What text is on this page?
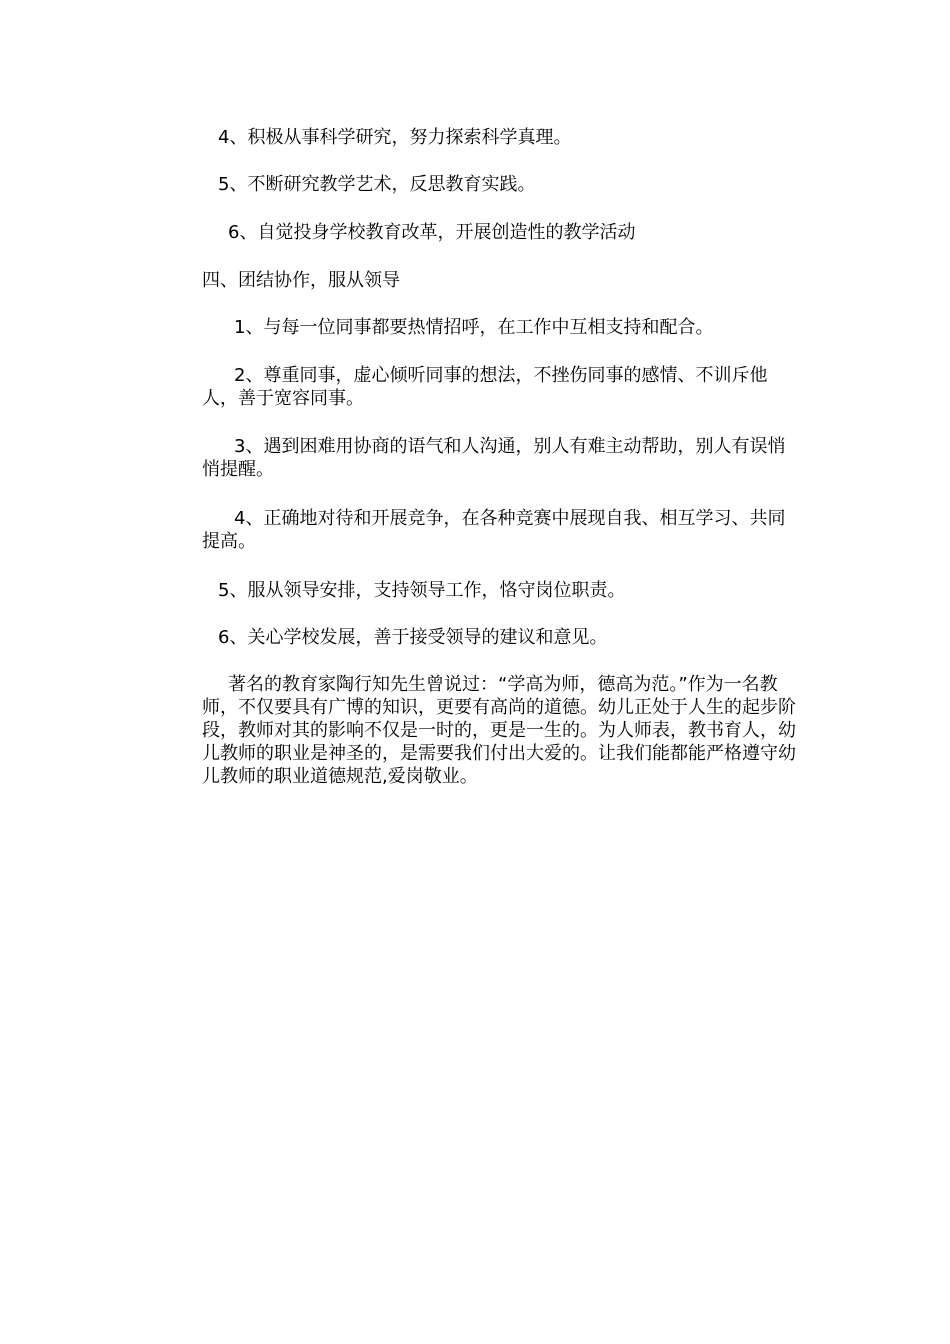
4、积极从事科学研究，努力探索科学真理。
5、不断研究教学艺术，反思教育实践。
6、自觉投身学校教育改革，开展创造性的教学活动
四、团结协作，服从领导
1、与每一位同事都要热情招呼，在工作中互相支持和配合。
2、尊重同事，虚心倾听同事的想法，不挫伤同事的感情、不训斥他人，善于宽容同事。
3、遇到困难用协商的语气和人沟通，别人有难主动帮助，别人有误悄悄提醒。
4、正确地对待和开展竞争，在各种竞赛中展现自我、相互学习、共同提高。
5、服从领导安排，支持领导工作，恪守岗位职责。
6、关心学校发展，善于接受领导的建议和意见。
著名的教育家陶行知先生曾说过：“学高为师，德高为范。”作为一名教师，不仅要具有广博的知识，更要有高尚的道德。幼儿正处于人生的起步阶段，教师对其的影响不仅是一时的，更是一生的。为人师表，教书育人，幼儿教师的职业是神圣的，是需要我们付出大爱的。让我们能都能严格遵守幼儿教师的职业道德规范,爱岗敬业。
